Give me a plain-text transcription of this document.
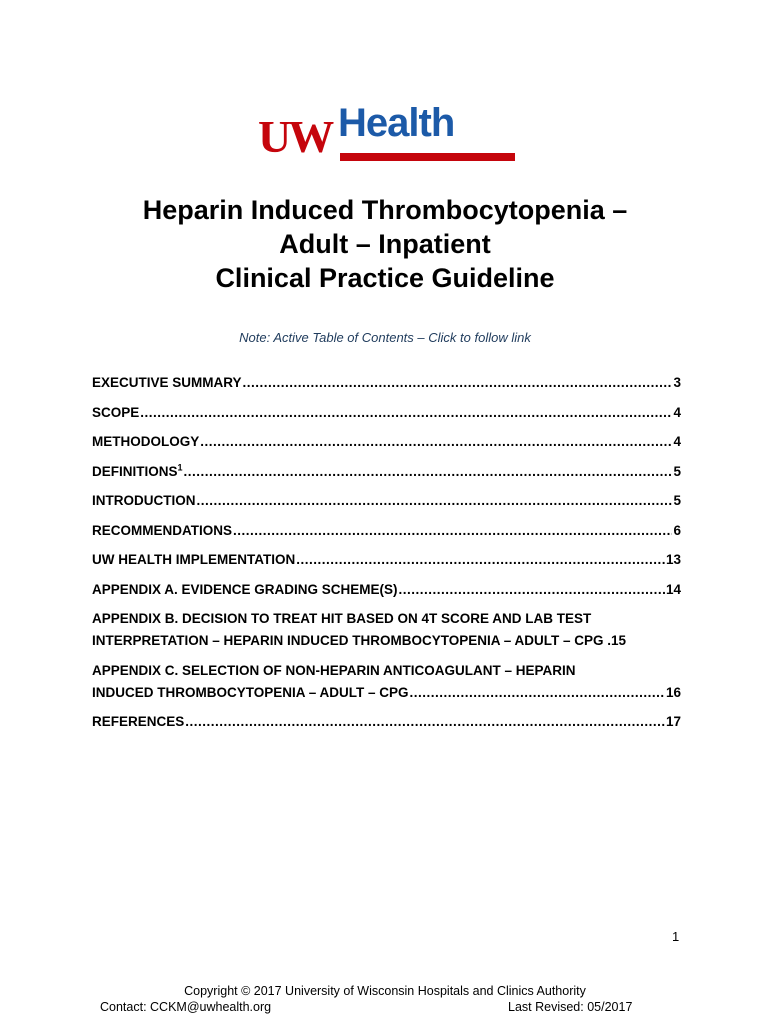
UW Health
Heparin Induced Thrombocytopenia –
Adult – Inpatient
Clinical Practice Guideline
Note: Active Table of Contents – Click to follow link
EXECUTIVE SUMMARY .....	3
SCOPE .....	4
METHODOLOGY .....	4
DEFINITIONS$^1$ .....	5
INTRODUCTION .....	5
RECOMMENDATIONS .....	6
UW HEALTH IMPLEMENTATION .....	13
APPENDIX A. EVIDENCE GRADING SCHEME(S) .....	14
APPENDIX B. DECISION TO TREAT HIT BASED ON 4T SCORE AND LAB TEST
INTERPRETATION – HEPARIN INDUCED THROMBOCYTOPENIA – ADULT – CPG . 15
APPENDIX C. SELECTION OF NON-HEPARIN ANTICOAGULANT – HEPARIN
INDUCED THROMBOCYTOPENIA – ADULT – CPG .....	16
REFERENCES .....	17
1
Copyright © 2017 University of Wisconsin Hospitals and Clinics Authority
Contact: CCKM@uwhealth.org	Last Revised: 05/2017
